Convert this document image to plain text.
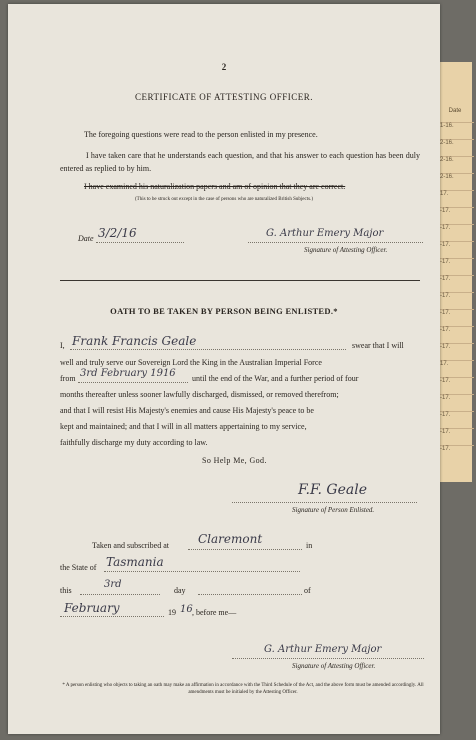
Date
1-16.
2-16.
2-16.
2-16.
17.
-17.
-17.
-17.
-17.
-17.
-17.
-17.
-17.
-17.
17.
-17.
-17.
-17.
-17.
-17.
2
CERTIFICATE OF ATTESTING OFFICER.
The foregoing questions were read to the person enlisted in my presence.
I have taken care that he understands each question, and that his answer to each question has been duly entered as replied to by him.
I have examined his naturalization papers and am of opinion that they are correct.
(This to be struck out except in the case of persons who are naturalized British Subjects.)
Date 3/2/16	G. Arthur Emery Major
Signature of Attesting Officer.
OATH TO BE TAKEN BY PERSON BEING ENLISTED.*
I, Frank Francis Geale	swear that I will
well and truly serve our Sovereign Lord the King in the Australian Imperial Force
from 3rd February 1916 until the end of the War, and a further period of four
months thereafter unless sooner lawfully discharged, dismissed, or removed therefrom;
and that I will resist His Majesty's enemies and cause His Majesty's peace to be
kept and maintained; and that I will in all matters appertaining to my service,
faithfully discharge my duty according to law.
So Help Me, God.
F.F. Geale
Signature of Person Enlisted.
Taken and subscribed at Claremont	in
the State of Tasmania
this
3rd
day	of
February	19 16 , before me—
G. Arthur Emery Major
Signature of Attesting Officer.
* A person enlisting who objects to taking an oath may make an affirmation in accordance with the Third Schedule of the Act, and the above form must be amended accordingly. All amendments must be initialed by the Attesting Officer.
